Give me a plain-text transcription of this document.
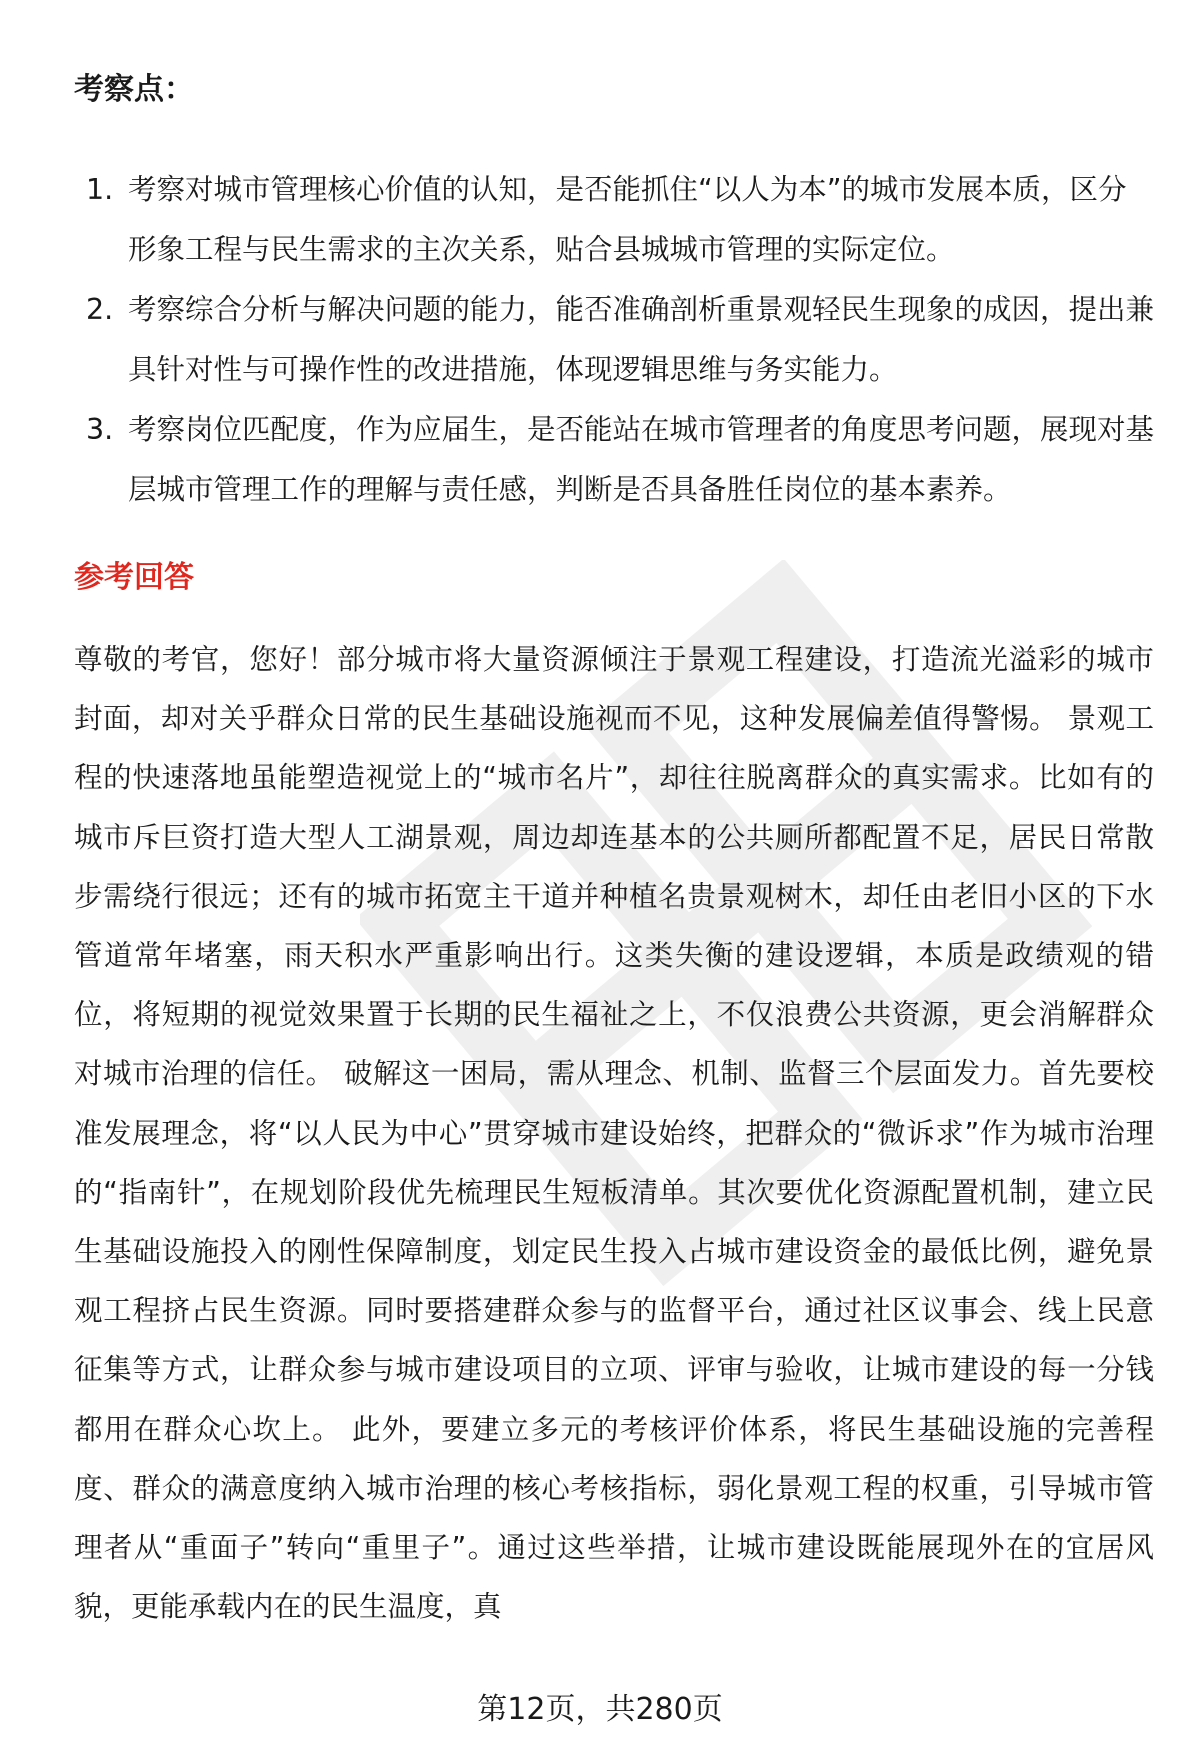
考察点：
1. 考察对城市管理核心价值的认知，是否能抓住“以人为本”的城市发展本质，区分形象工程与民生需求的主次关系，贴合县城城市管理的实际定位。
2. 考察综合分析与解决问题的能力，能否准确剖析重景观轻民生现象的成因，提出兼具针对性与可操作性的改进措施，体现逻辑思维与务实能力。
3. 考察岗位匹配度，作为应届生，是否能站在城市管理者的角度思考问题，展现对基层城市管理工作的理解与责任感，判断是否具备胜任岗位的基本素养。
参考回答

尊敬的考官，您好！部分城市将大量资源倾注于景观工程建设，打造流光溢彩的城市封面，却对关乎群众日常的民生基础设施视而不见，这种发展偏差值得警惕。 景观工程的快速落地虽能塑造视觉上的“城市名片”，却往往脱离群众的真实需求。比如有的城市斥巨资打造大型人工湖景观，周边却连基本的公共厕所都配置不足，居民日常散步需绕行很远；还有的城市拓宽主干道并种植名贵景观树木，却任由老旧小区的下水管道常年堵塞，雨天积水严重影响出行。这类失衡的建设逻辑，本质是政绩观的错位，将短期的视觉效果置于长期的民生福祉之上，不仅浪费公共资源，更会消解群众对城市治理的信任。 破解这一困局，需从理念、机制、监督三个层面发力。首先要校准发展理念，将“以人民为中心”贯穿城市建设始终，把群众的“微诉求”作为城市治理的“指南针”，在规划阶段优先梳理民生短板清单。其次要优化资源配置机制，建立民生基础设施投入的刚性保障制度，划定民生投入占城市建设资金的最低比例，避免景观工程挤占民生资源。同时要搭建群众参与的监督平台，通过社区议事会、线上民意征集等方式，让群众参与城市建设项目的立项、评审与验收，让城市建设的每一分钱都用在群众心坎上。 此外，要建立多元的考核评价体系，将民生基础设施的完善程度、群众的满意度纳入城市治理的核心考核指标，弱化景观工程的权重，引导城市管理者从“重面子”转向“重里子”。通过这些举措，让城市建设既能展现外在的宜居风貌，更能承载内在的民生温度，真

第12页，共280页
